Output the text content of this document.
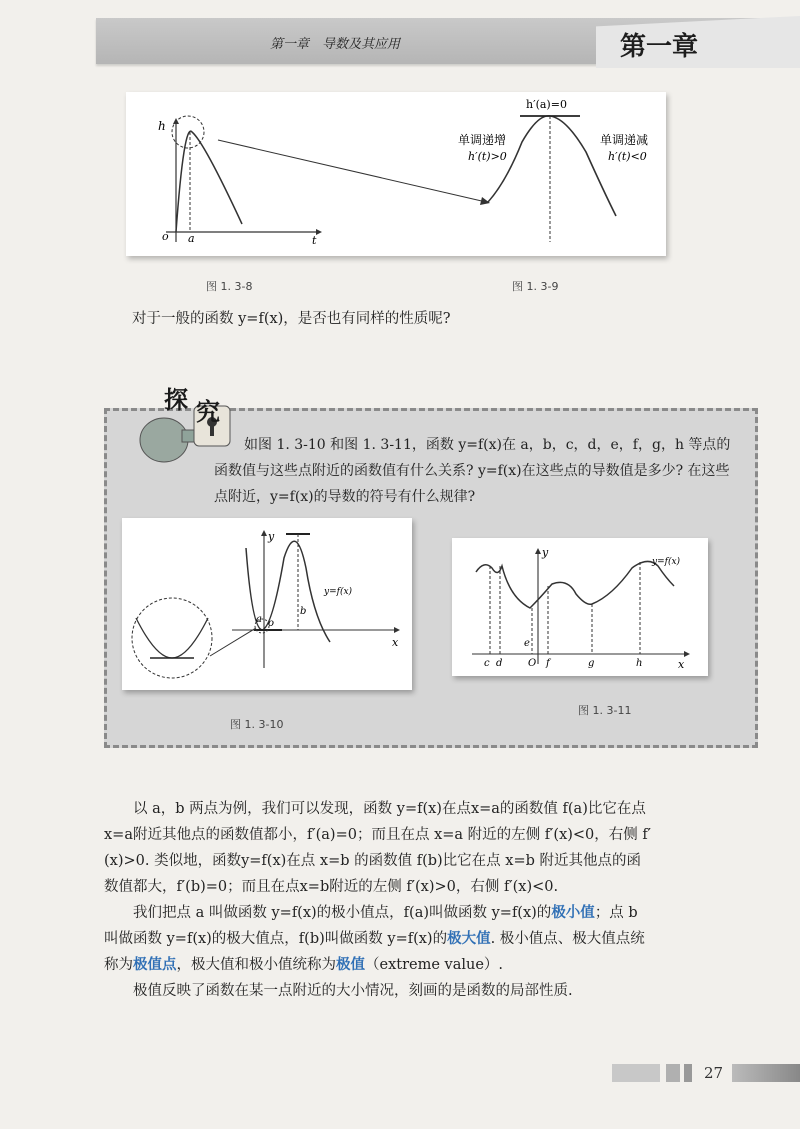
第一章　导数及其应用	第一章
h
o a	t
h′(a)=0
单调递增
h′(t)>0
单调递减
h′(t)<0
图 1. 3-8	图 1. 3-9
对于一般的函数 y=f(x)，是否也有同样的性质呢?
探 究
如图 1. 3-10 和图 1. 3-11，函数 y=f(x)在 a，b，c，d，e，f，g，h 等点的函数值与这些点附近的函数值有什么关系? y=f(x)在这些点的导数值是多少? 在这些点附近，y=f(x)的导数的符号有什么规律?
y
x
a o
b
y=f(x)
图 1. 3-10
y
x
y=f(x)
c d	O
e
f	g	h
图 1. 3-11
以 a，b 两点为例，我们可以发现，函数 y=f(x)在点x=a的函数值 f(a)比它在点x=a附近其他点的函数值都小，f′(a)=0；而且在点 x=a 附近的左侧 f′(x)<0，右侧 f′(x)>0. 类似地，函数y=f(x)在点 x=b 的函数值 f(b)比它在点 x=b 附近其他点的函数值都大，f′(b)=0；而且在点x=b附近的左侧 f′(x)>0，右侧 f′(x)<0.
我们把点 a 叫做函数 y=f(x)的极小值点，f(a)叫做函数 y=f(x)的极小值；点 b 叫做函数 y=f(x)的极大值点，f(b)叫做函数 y=f(x)的极大值. 极小值点、极大值点统称为极值点，极大值和极小值统称为极值（extreme value）.
极值反映了函数在某一点附近的大小情况，刻画的是函数的局部性质.
27
